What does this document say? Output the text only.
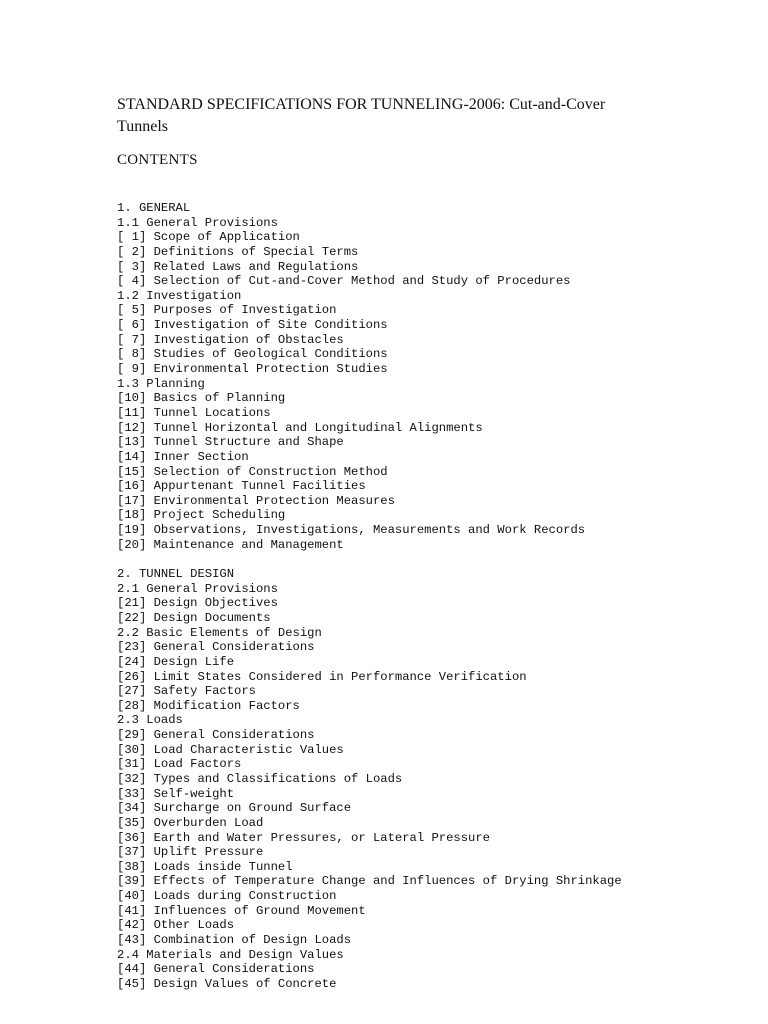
STANDARD SPECIFICATIONS FOR TUNNELING-2006: Cut-and-Cover Tunnels
CONTENTS
1. GENERAL
1.1 General Provisions
[ 1] Scope of Application
[ 2] Definitions of Special Terms
[ 3] Related Laws and Regulations
[ 4] Selection of Cut-and-Cover Method and Study of Procedures
1.2 Investigation
[ 5] Purposes of Investigation
[ 6] Investigation of Site Conditions
[ 7] Investigation of Obstacles
[ 8] Studies of Geological Conditions
[ 9] Environmental Protection Studies
1.3 Planning
[10] Basics of Planning
[11] Tunnel Locations
[12] Tunnel Horizontal and Longitudinal Alignments
[13] Tunnel Structure and Shape
[14] Inner Section
[15] Selection of Construction Method
[16] Appurtenant Tunnel Facilities
[17] Environmental Protection Measures
[18] Project Scheduling
[19] Observations, Investigations, Measurements and Work Records
[20] Maintenance and Management
2. TUNNEL DESIGN
2.1 General Provisions
[21] Design Objectives
[22] Design Documents
2.2 Basic Elements of Design
[23] General Considerations
[24] Design Life
[26] Limit States Considered in Performance Verification
[27] Safety Factors
[28] Modification Factors
2.3 Loads
[29] General Considerations
[30] Load Characteristic Values
[31] Load Factors
[32] Types and Classifications of Loads
[33] Self-weight
[34] Surcharge on Ground Surface
[35] Overburden Load
[36] Earth and Water Pressures, or Lateral Pressure
[37] Uplift Pressure
[38] Loads inside Tunnel
[39] Effects of Temperature Change and Influences of Drying Shrinkage
[40] Loads during Construction
[41] Influences of Ground Movement
[42] Other Loads
[43] Combination of Design Loads
2.4 Materials and Design Values
[44] General Considerations
[45] Design Values of Concrete
